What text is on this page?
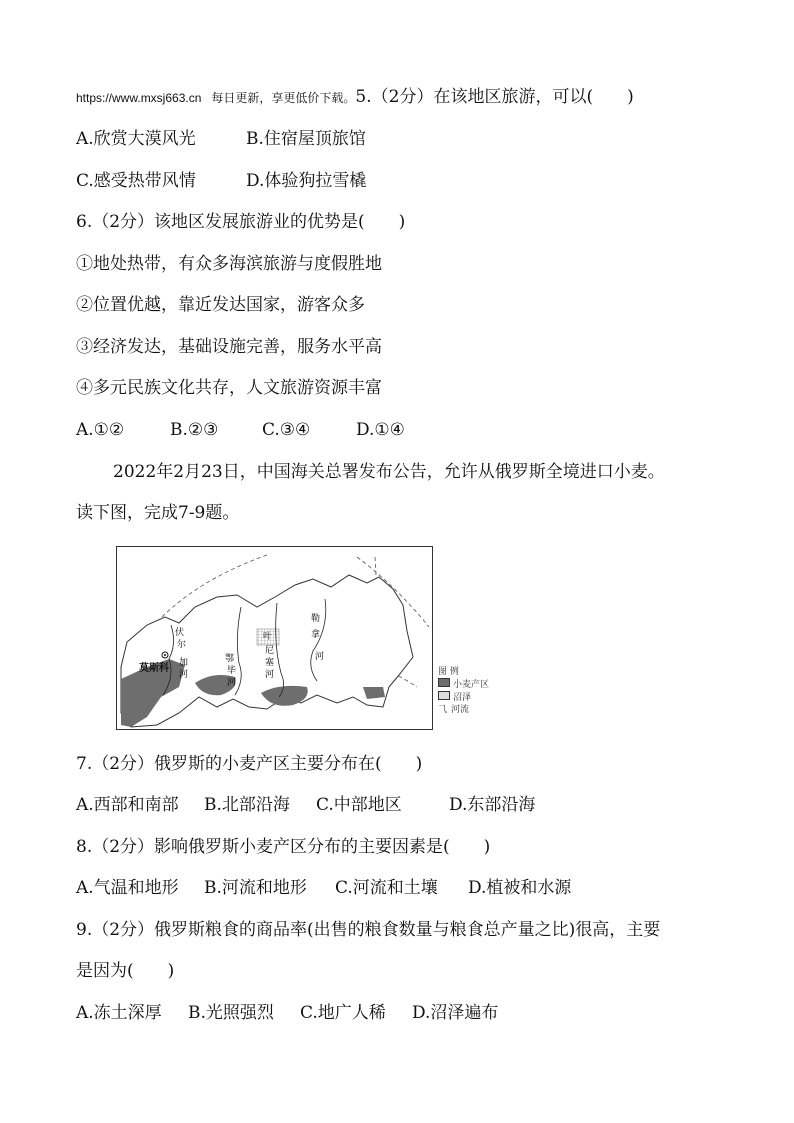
https://www.mxsj663.cn 每日更新，享更低价下载。5.（2分）在该地区旅游，可以(　　)
A.欣赏大漠风光	B.住宿屋顶旅馆
C.感受热带风情	D.体验狗拉雪橇
6.（2分）该地区发展旅游业的优势是(　　)
①地处热带，有众多海滨旅游与度假胜地
②位置优越，靠近发达国家，游客众多
③经济发达，基础设施完善，服务水平高
④多元民族文化共存，人文旅游资源丰富
A.①②	B.②③	C.③④	D.①④
2022年2月23日，中国海关总署发布公告，允许从俄罗斯全境进口小麦。
读下图，完成7-9题。
莫斯科
伏
尔
加
河
鄂
毕
河
叶
尼
塞
河
勒
拿
河
图 例
小麦产区
沼泽
⺄ 河流
7.（2分）俄罗斯的小麦产区主要分布在(　　)
A.西部和南部 B.北部沿海 C.中部地区	D.东部沿海
8.（2分）影响俄罗斯小麦产区分布的主要因素是(　　)
A.气温和地形 B.河流和地形 C.河流和土壤 D.植被和水源
9.（2分）俄罗斯粮食的商品率(出售的粮食数量与粮食总产量之比)很高，主要
是因为(　　)
A.冻土深厚 B.光照强烈 C.地广人稀 D.沼泽遍布
